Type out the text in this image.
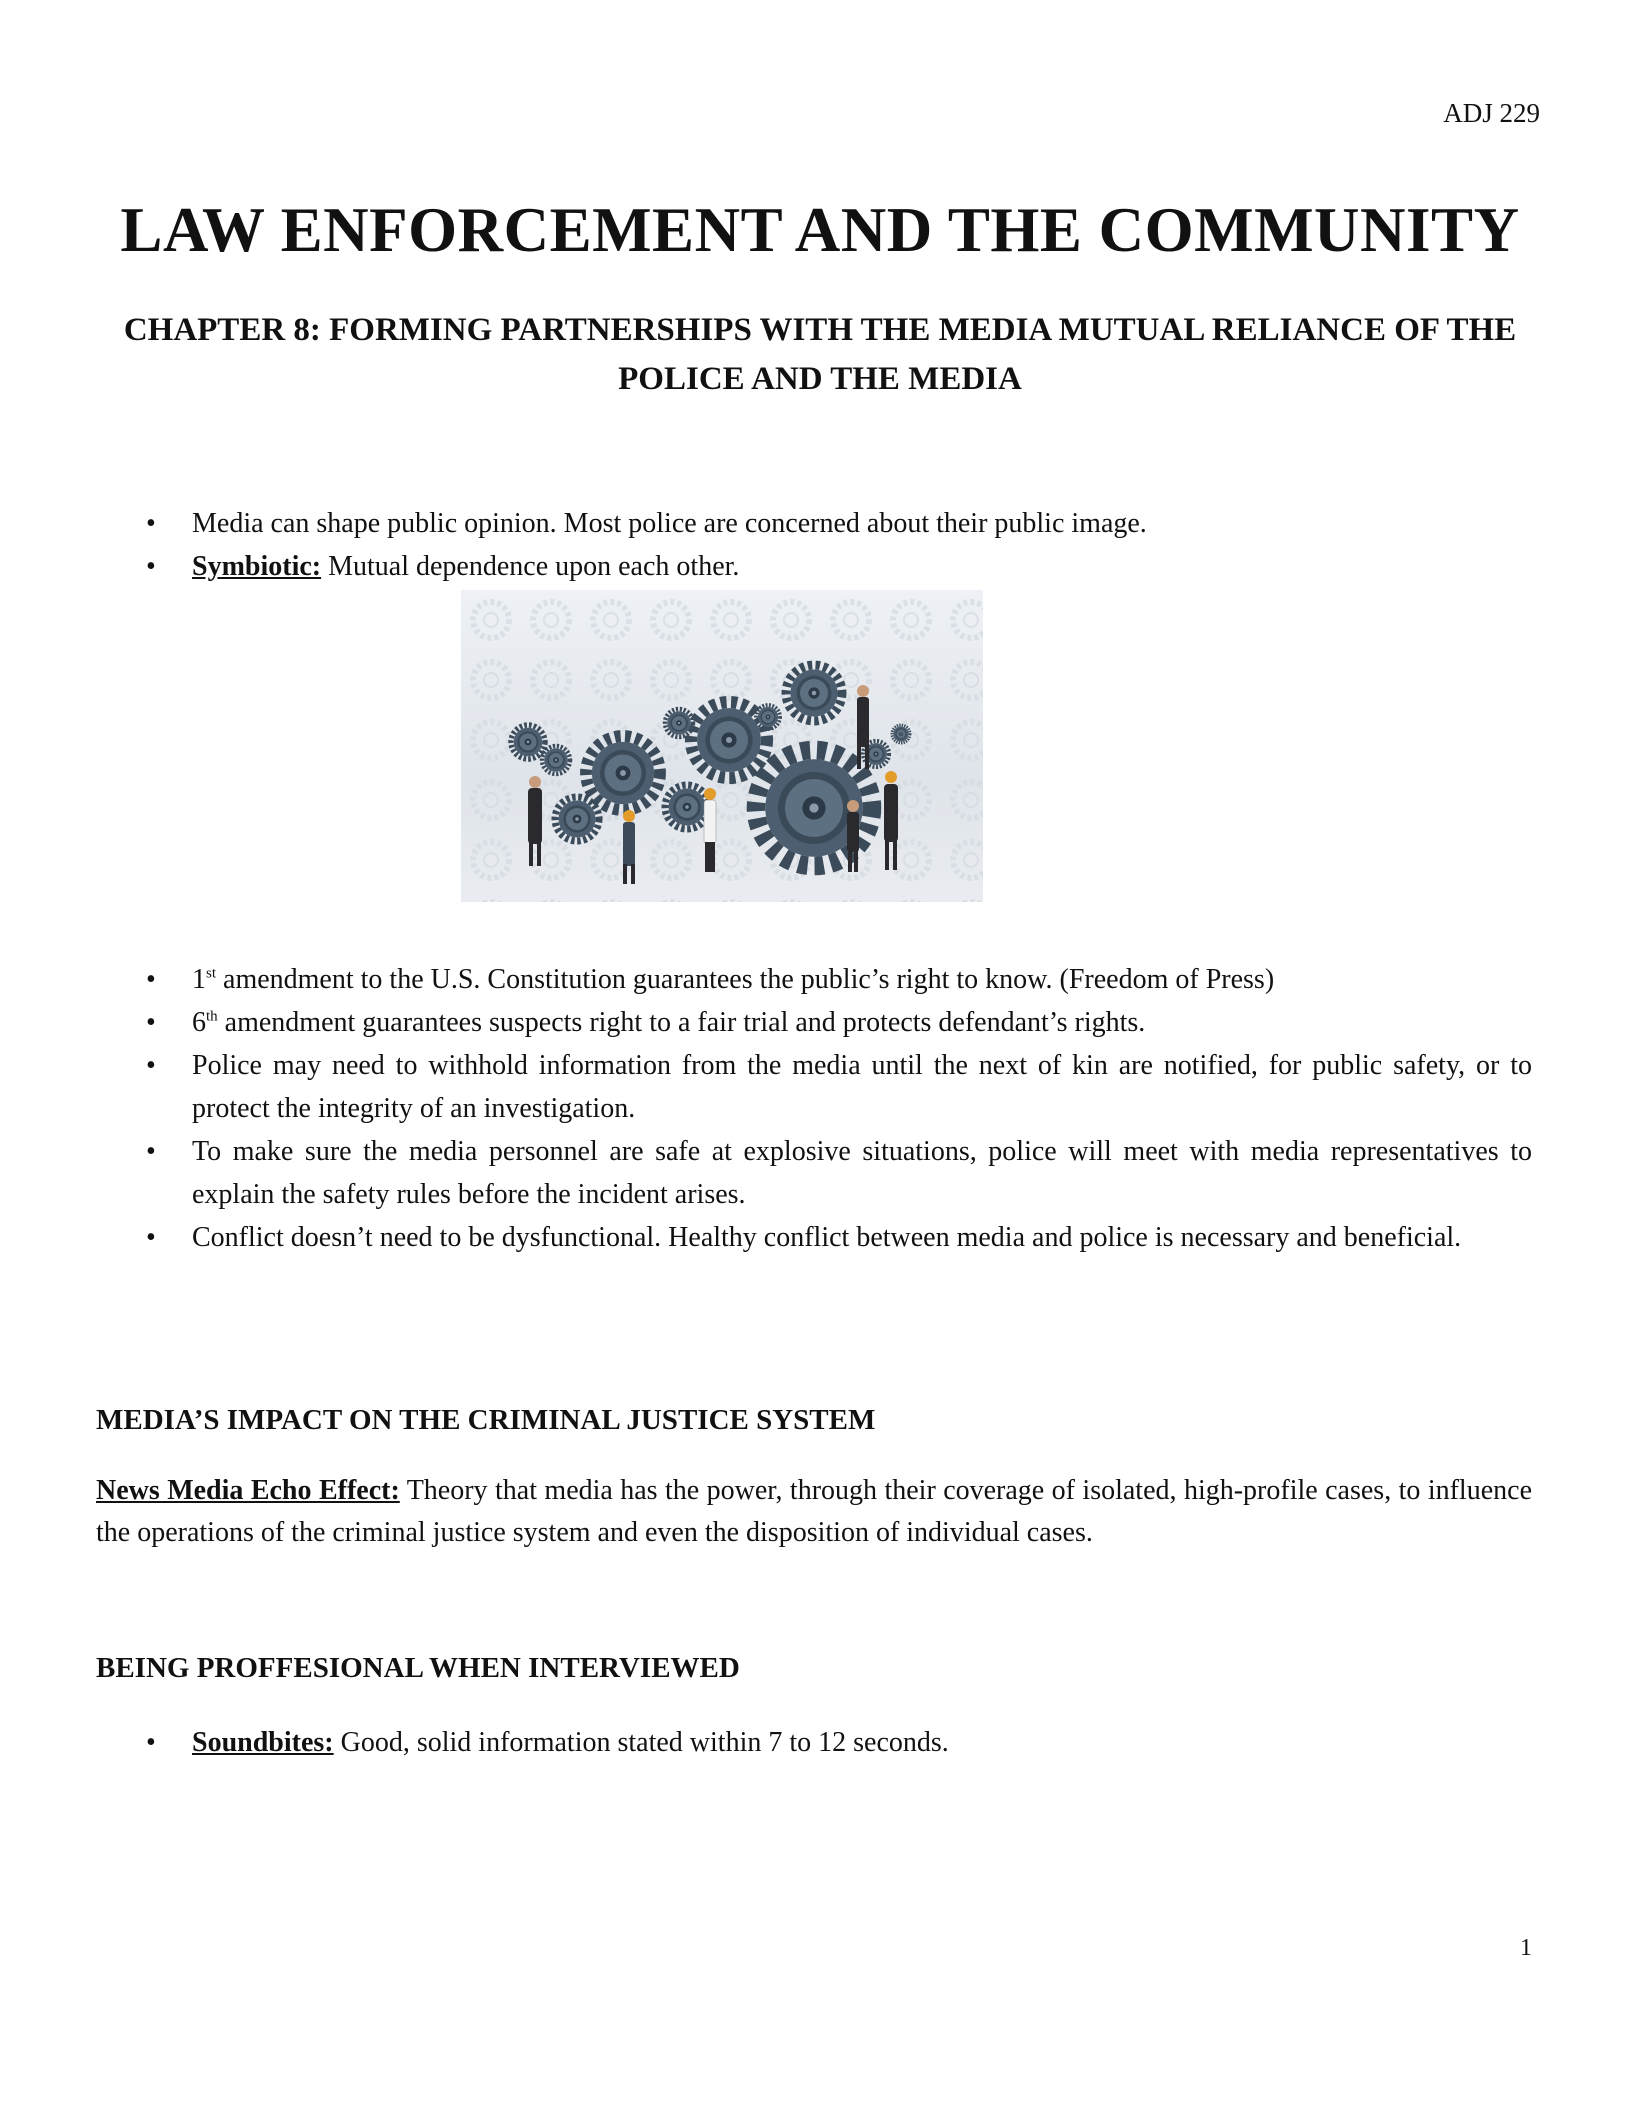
ADJ 229
LAW ENFORCEMENT AND THE COMMUNITY
CHAPTER 8: FORMING PARTNERSHIPS WITH THE MEDIA MUTUAL RELIANCE OF THE POLICE AND THE MEDIA
• Media can shape public opinion. Most police are concerned about their public image.
• Symbiotic: Mutual dependence upon each other.
• 1st amendment to the U.S. Constitution guarantees the public’s right to know. (Freedom of Press)
• 6th amendment guarantees suspects right to a fair trial and protects defendant’s rights.
• Police may need to withhold information from the media until the next of kin are notified, for public safety, or to protect the integrity of an investigation.
• To make sure the media personnel are safe at explosive situations, police will meet with media representatives to explain the safety rules before the incident arises.
• Conflict doesn’t need to be dysfunctional. Healthy conflict between media and police is necessary and beneficial.
MEDIA’S IMPACT ON THE CRIMINAL JUSTICE SYSTEM

News Media Echo Effect: Theory that media has the power, through their coverage of isolated, high-profile cases, to influence the operations of the criminal justice system and even the disposition of individual cases.

BEING PROFFESIONAL WHEN INTERVIEWED
• Soundbites: Good, solid information stated within 7 to 12 seconds.
1
